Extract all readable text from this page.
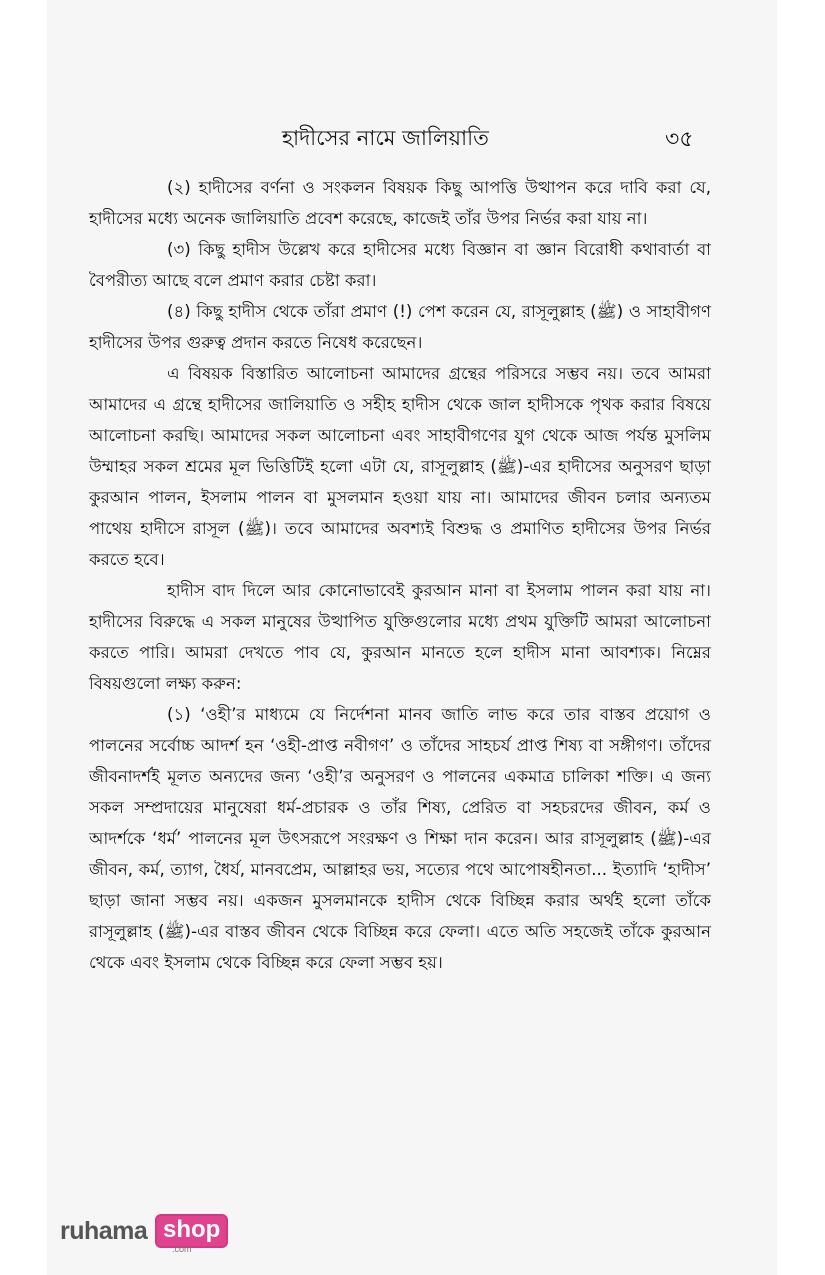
হাদীসের নামে জালিয়াতি	৩৫

(২) হাদীসের বর্ণনা ও সংকলন বিষয়ক কিছু আপত্তি উত্থাপন করে দাবি করা যে, হাদীসের মধ্যে অনেক জালিয়াতি প্রবেশ করেছে, কাজেই তাঁর উপর নির্ভর করা যায় না।

(৩) কিছু হাদীস উল্লেখ করে হাদীসের মধ্যে বিজ্ঞান বা জ্ঞান বিরোধী কথাবার্তা বা বৈপরীত্য আছে বলে প্রমাণ করার চেষ্টা করা।

(৪) কিছু হাদীস থেকে তাঁরা প্রমাণ (!) পেশ করেন যে, রাসূলুল্লাহ (ﷺ) ও সাহাবীগণ হাদীসের উপর গুরুত্ব প্রদান করতে নিষেধ করেছেন।

এ বিষয়ক বিস্তারিত আলোচনা আমাদের গ্রন্থের পরিসরে সম্ভব নয়। তবে আমরা আমাদের এ গ্রন্থে হাদীসের জালিয়াতি ও সহীহ হাদীস থেকে জাল হাদীসকে পৃথক করার বিষয়ে আলোচনা করছি। আমাদের সকল আলোচনা এবং সাহাবীগণের যুগ থেকে আজ পর্যন্ত মুসলিম উম্মাহর সকল শ্রমের মূল ভিত্তিটিই হলো এটা যে, রাসূলুল্লাহ (ﷺ)-এর হাদীসের অনুসরণ ছাড়া কুরআন পালন, ইসলাম পালন বা মুসলমান হওয়া যায় না। আমাদের জীবন চলার অন্যতম পাথেয় হাদীসে রাসূল (ﷺ)। তবে আমাদের অবশ্যই বিশুদ্ধ ও প্রমাণিত হাদীসের উপর নির্ভর করতে হবে।

হাদীস বাদ দিলে আর কোনোভাবেই কুরআন মানা বা ইসলাম পালন করা যায় না। হাদীসের বিরুদ্ধে এ সকল মানুষের উত্থাপিত যুক্তিগুলোর মধ্যে প্রথম যুক্তিটি আমরা আলোচনা করতে পারি। আমরা দেখতে পাব যে, কুরআন মানতে হলে হাদীস মানা আবশ্যক। নিম্নের বিষয়গুলো লক্ষ্য করুন:

(১) ‘ওহী’র মাধ্যমে যে নির্দেশনা মানব জাতি লাভ করে তার বাস্তব প্রয়োগ ও পালনের সর্বোচ্চ আদর্শ হন ‘ওহী-প্রাপ্ত নবীগণ’ ও তাঁদের সাহচর্য প্রাপ্ত শিষ্য বা সঙ্গীগণ। তাঁদের জীবনাদর্শই মূলত অন্যদের জন্য ‘ওহী’র অনুসরণ ও পালনের একমাত্র চালিকা শক্তি। এ জন্য সকল সম্প্রদায়ের মানুষেরা ধর্ম-প্রচারক ও তাঁর শিষ্য, প্রেরিত বা সহচরদের জীবন, কর্ম ও আদর্শকে ‘ধর্ম’ পালনের মূল উৎসরূপে সংরক্ষণ ও শিক্ষা দান করেন। আর রাসূলুল্লাহ (ﷺ)-এর জীবন, কর্ম, ত্যাগ, ধৈর্য, মানবপ্রেম, আল্লাহর ভয়, সত্যের পথে আপোষহীনতা... ইত্যাদি ‘হাদীস’ ছাড়া জানা সম্ভব নয়। একজন মুসলমানকে হাদীস থেকে বিচ্ছিন্ন করার অর্থই হলো তাঁকে রাসূলুল্লাহ (ﷺ)-এর বাস্তব জীবন থেকে বিচ্ছিন্ন করে ফেলা। এতে অতি সহজেই তাঁকে কুরআন থেকে এবং ইসলাম থেকে বিচ্ছিন্ন করে ফেলা সম্ভব হয়।

ruhama shop
.com
